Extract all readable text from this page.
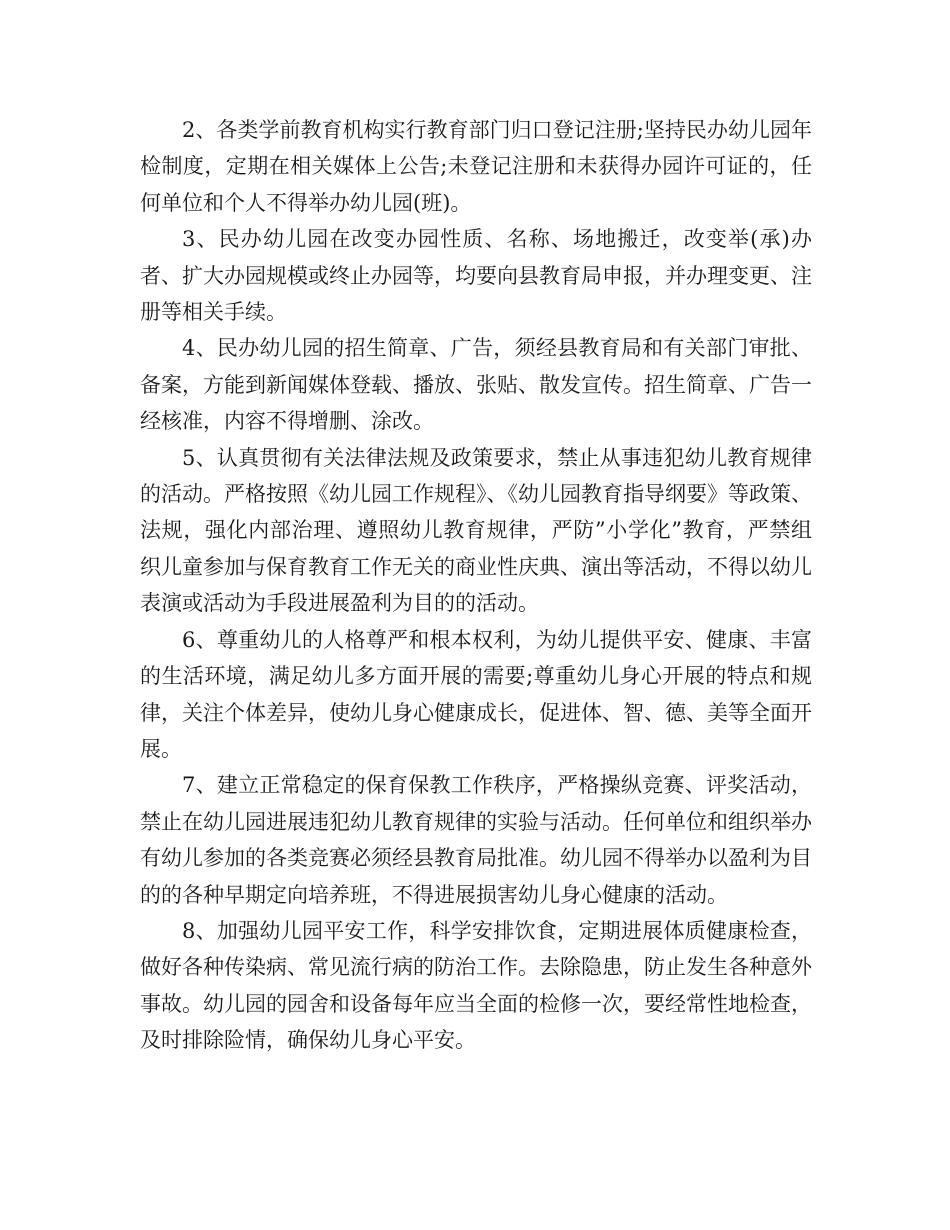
2、各类学前教育机构实行教育部门归口登记注册;坚持民办幼儿园年检制度，定期在相关媒体上公告;未登记注册和未获得办园许可证的，任何单位和个人不得举办幼儿园(班)。

3、民办幼儿园在改变办园性质、名称、场地搬迁，改变举(承)办者、扩大办园规模或终止办园等，均要向县教育局申报，并办理变更、注册等相关手续。

4、民办幼儿园的招生简章、广告，须经县教育局和有关部门审批、备案，方能到新闻媒体登载、播放、张贴、散发宣传。招生简章、广告一经核准，内容不得增删、涂改。

5、认真贯彻有关法律法规及政策要求，禁止从事违犯幼儿教育规律的活动。严格按照《幼儿园工作规程》、《幼儿园教育指导纲要》等政策、法规，强化内部治理、遵照幼儿教育规律，严防”小学化”教育，严禁组织儿童参加与保育教育工作无关的商业性庆典、演出等活动，不得以幼儿表演或活动为手段进展盈利为目的的活动。

6、尊重幼儿的人格尊严和根本权利，为幼儿提供平安、健康、丰富的生活环境，满足幼儿多方面开展的需要;尊重幼儿身心开展的特点和规律，关注个体差异，使幼儿身心健康成长，促进体、智、德、美等全面开展。

7、建立正常稳定的保育保教工作秩序，严格操纵竞赛、评奖活动，禁止在幼儿园进展违犯幼儿教育规律的实验与活动。任何单位和组织举办有幼儿参加的各类竞赛必须经县教育局批准。幼儿园不得举办以盈利为目的的各种早期定向培养班，不得进展损害幼儿身心健康的活动。

8、加强幼儿园平安工作，科学安排饮食，定期进展体质健康检查，做好各种传染病、常见流行病的防治工作。去除隐患，防止发生各种意外事故。幼儿园的园舍和设备每年应当全面的检修一次，要经常性地检查，及时排除险情，确保幼儿身心平安。
